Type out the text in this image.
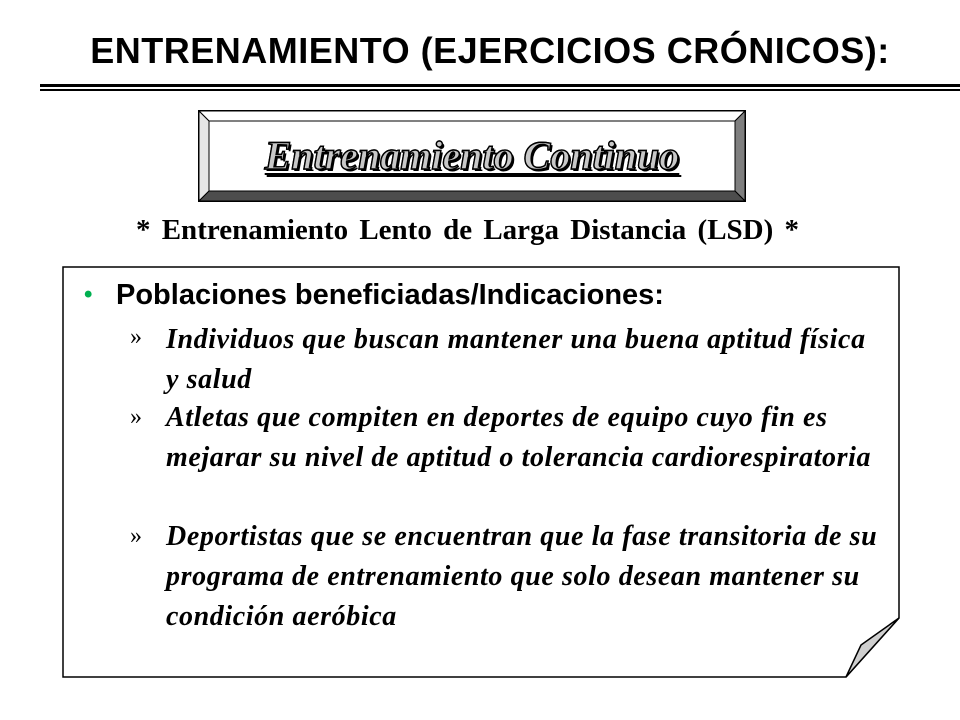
ENTRENAMIENTO (EJERCICIOS CRÓNICOS):
Entrenamiento Continuo
* Entrenamiento Lento de Larga Distancia (LSD) *
• Poblaciones beneficiadas/Indicaciones:
» Individuos que buscan mantener una buena aptitud física y salud
» Atletas que compiten en deportes de equipo cuyo fin es mejarar su nivel de aptitud o tolerancia cardiorespiratoria
» Deportistas que se encuentran que la fase transitoria de su programa de entrenamiento que solo desean mantener su condición aeróbica
